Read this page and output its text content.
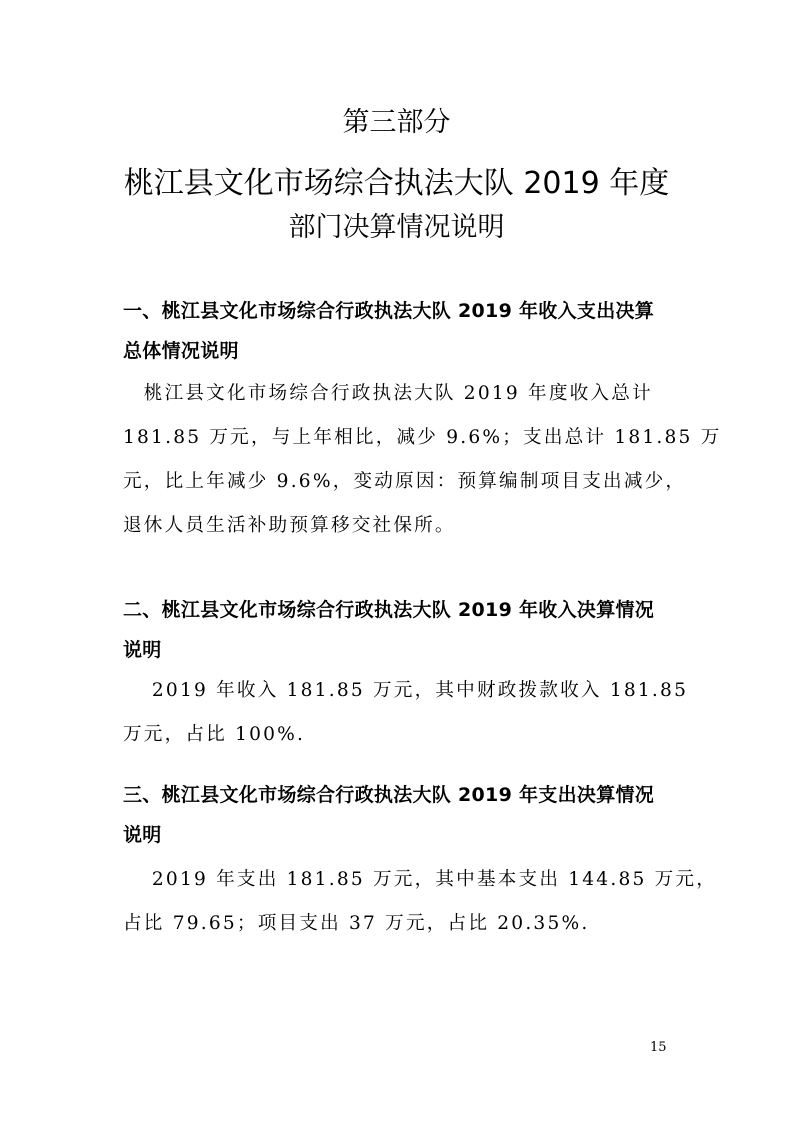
第三部分
桃江县文化市场综合执法大队 2019 年度
部门决算情况说明
一、桃江县文化市场综合行政执法大队 2019 年收入支出决算
总体情况说明
　桃江县文化市场综合行政执法大队 2019 年度收入总计
181.85 万元，与上年相比，减少 9.6%；支出总计 181.85 万
元，比上年减少 9.6%，变动原因：预算编制项目支出减少，
退休人员生活补助预算移交社保所。
二、桃江县文化市场综合行政执法大队 2019 年收入决算情况
说明
　 2019 年收入 181.85 万元，其中财政拨款收入 181.85
万元，占比 100%.
三、桃江县文化市场综合行政执法大队 2019 年支出决算情况
说明
　 2019 年支出 181.85 万元，其中基本支出 144.85 万元，
占比 79.65；项目支出 37 万元，占比 20.35%.
15
